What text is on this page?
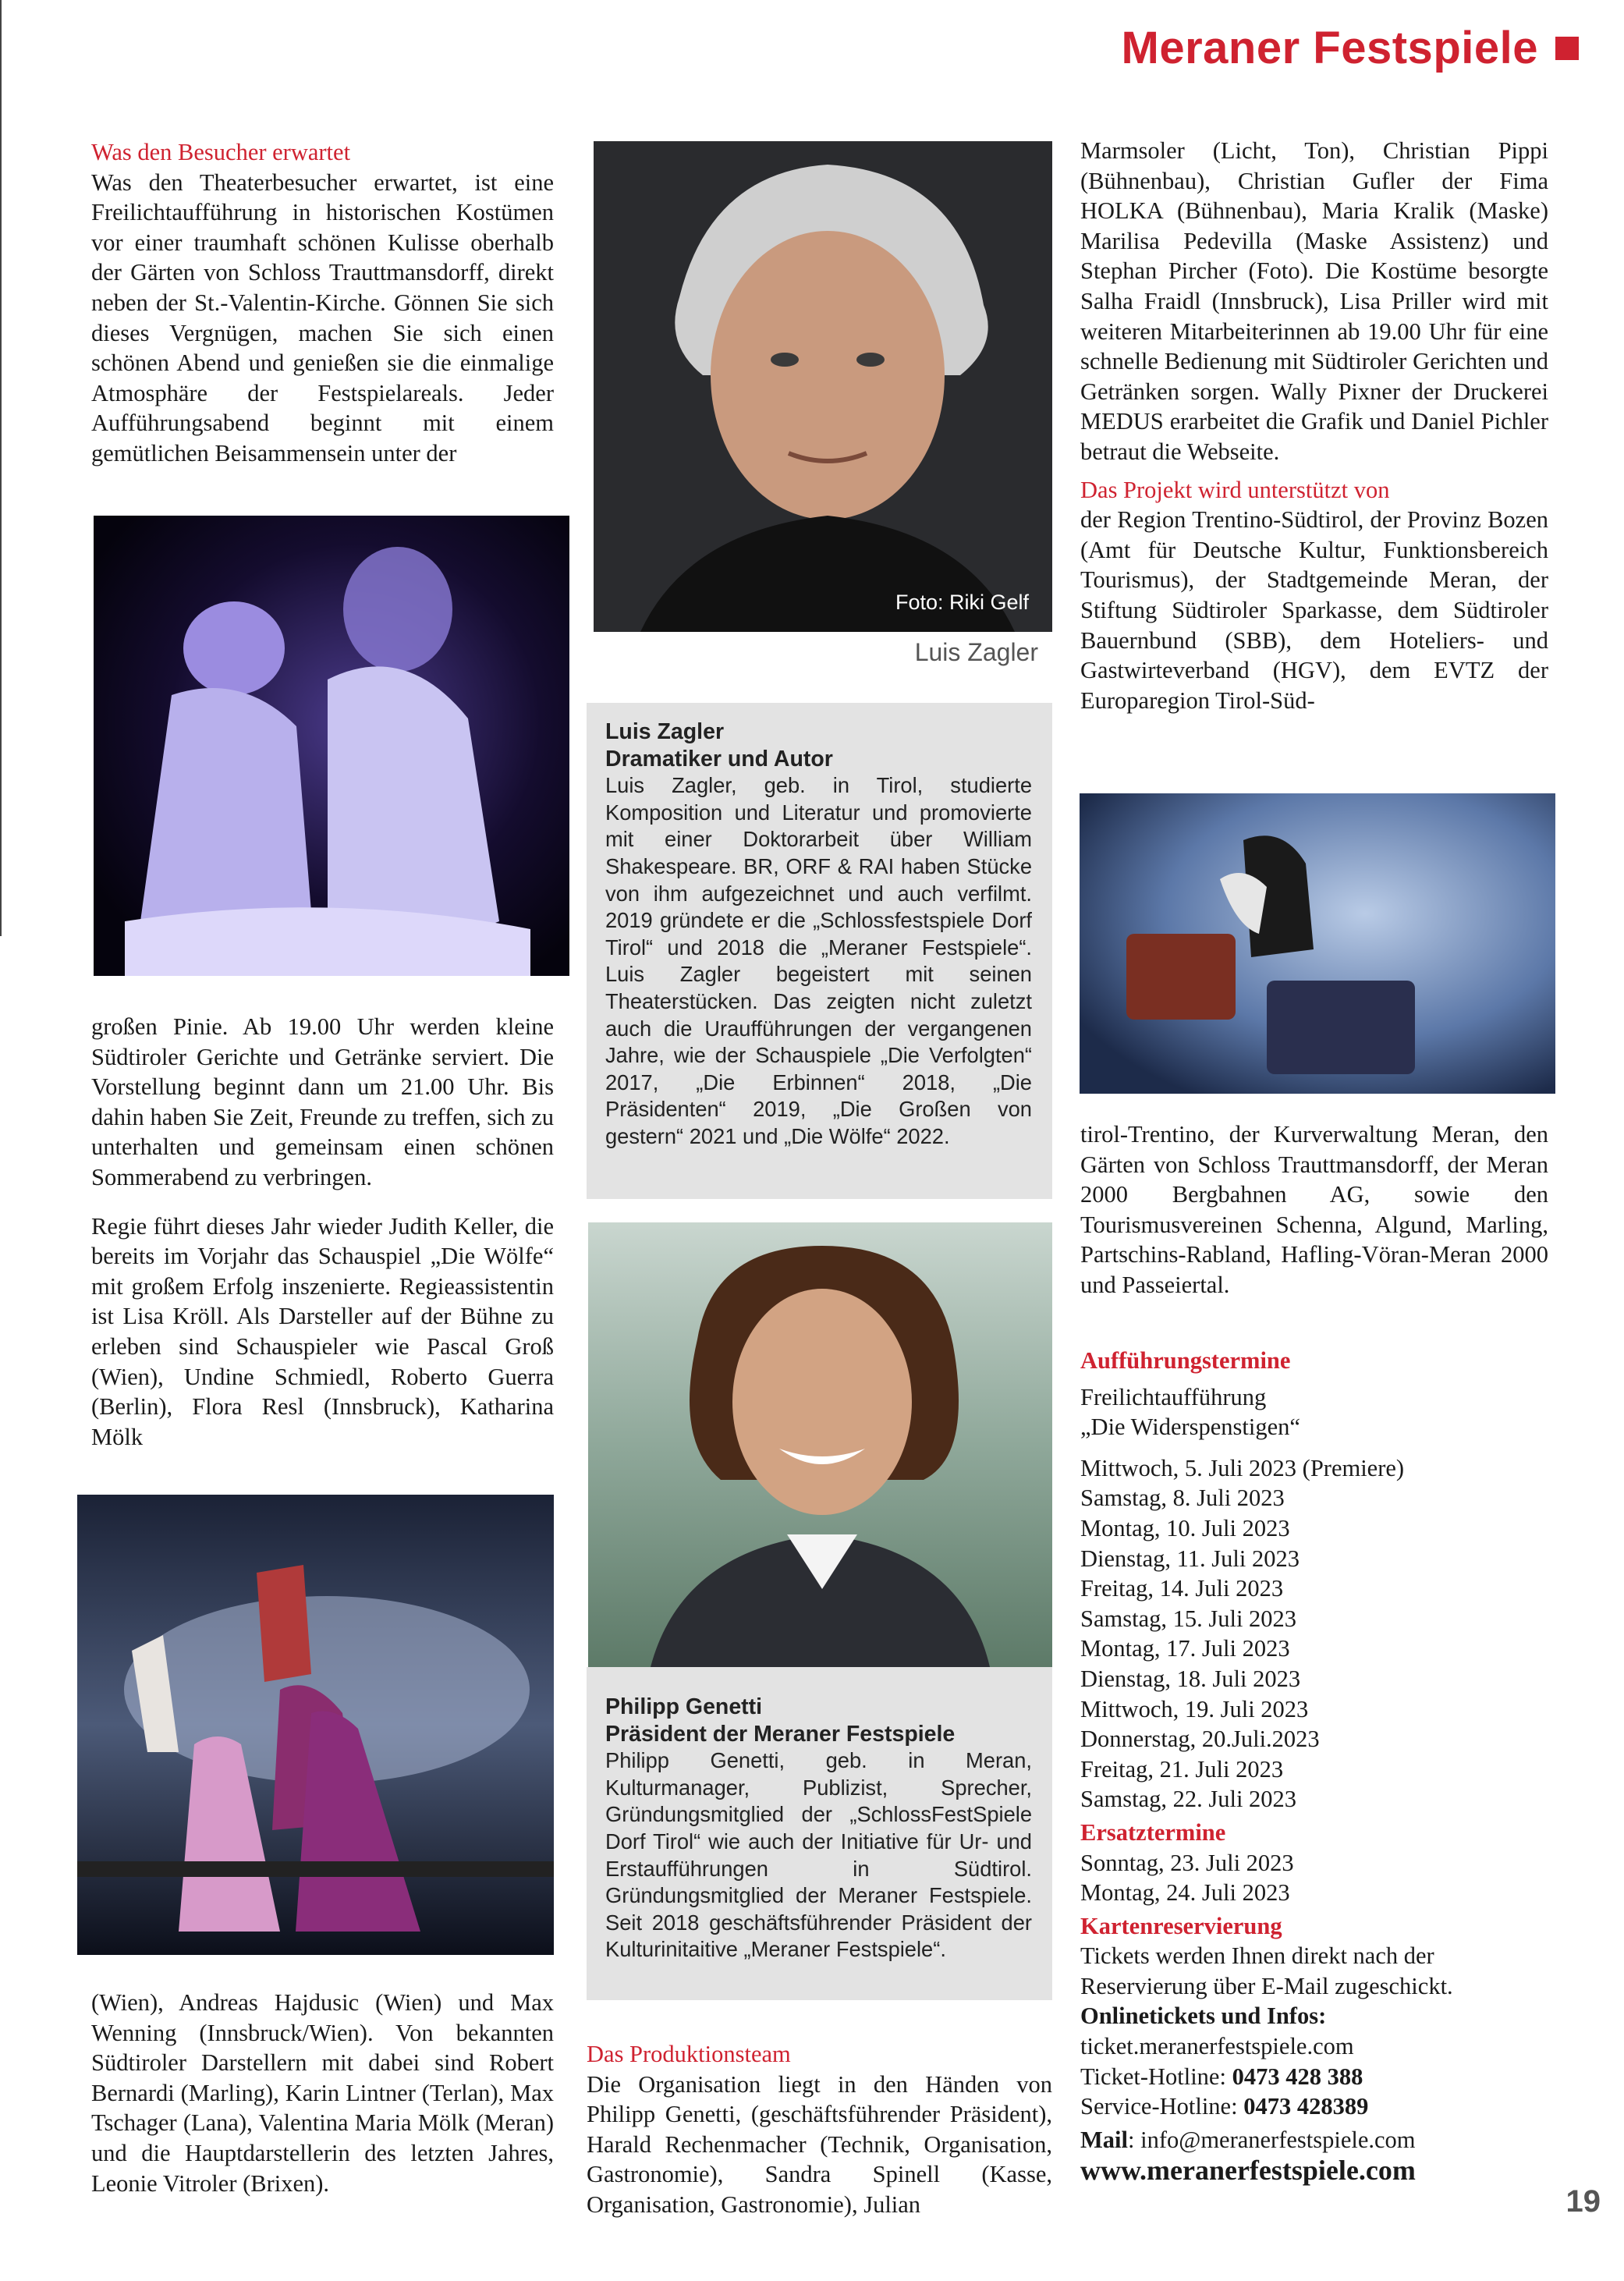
Meraner Festspiele

Was den Besucher erwartet

Was den Theaterbesucher erwartet, ist eine Freilichtaufführung in historischen Kostümen vor einer traumhaft schönen Kulisse oberhalb der Gärten von Schloss Trauttmansdorff, direkt neben der St.-Valentin-Kirche. Gönnen Sie sich dieses Vergnügen, machen Sie sich einen schönen Abend und genießen sie die einmalige Atmosphäre der Festspielareals. Jeder Aufführungsabend beginnt mit einem gemütlichen Beisammensein unter der

großen Pinie. Ab 19.00 Uhr werden kleine Südtiroler Gerichte und Getränke serviert. Die Vorstellung beginnt dann um 21.00 Uhr. Bis dahin haben Sie Zeit, Freunde zu treffen, sich zu unterhalten und gemeinsam einen schönen Sommerabend zu verbringen.

Regie führt dieses Jahr wieder Judith Keller, die bereits im Vorjahr das Schauspiel „Die Wölfe“ mit großem Erfolg inszenierte. Regieassistentin ist Lisa Kröll. Als Darsteller auf der Bühne zu erleben sind Schauspieler wie Pascal Groß (Wien), Undine Schmiedl, Roberto Guerra (Berlin), Flora Resl (Innsbruck), Katharina Mölk

(Wien), Andreas Hajdusic (Wien) und Max Wenning (Innsbruck/Wien). Von bekannten Südtiroler Darstellern mit dabei sind Robert Bernardi (Marling), Karin Lintner (Terlan), Max Tschager (Lana), Valentina Maria Mölk (Meran) und die Hauptdarstellerin des letzten Jahres, Leonie Vitroler (Brixen).

Foto: Riki Gelf
Luis Zagler
Luis Zagler
Dramatiker und Autor
Luis Zagler, geb. in Tirol, studierte Komposition und Literatur und promovierte mit einer Doktorarbeit über William Shakespeare. BR, ORF & RAI haben Stücke von ihm aufgezeichnet und auch verfilmt. 2019 gründete er die „Schlossfestspiele Dorf Tirol“ und 2018 die „Meraner Festspiele“. Luis Zagler begeistert mit seinen Theaterstücken. Das zeigten nicht zuletzt auch die Uraufführungen der vergangenen Jahre, wie der Schauspiele „Die Verfolgten“ 2017, „Die Erbinnen“ 2018, „Die Präsidenten“ 2019, „Die Großen von gestern“ 2021 und „Die Wölfe“ 2022.
Philipp Genetti
Präsident der Meraner Festspiele
Philipp Genetti, geb. in Meran, Kulturmanager, Publizist, Sprecher, Gründungsmitglied der „SchlossFestSpiele Dorf Tirol“ wie auch der Initiative für Ur- und Erstaufführungen in Südtirol. Gründungsmitglied der Meraner Festspiele. Seit 2018 geschäftsführender Präsident der Kulturinitaitive „Meraner Festspiele“.

Das Produktionsteam

Die Organisation liegt in den Händen von Philipp Genetti, (geschäftsführender Präsident), Harald Rechenmacher (Technik, Organisation, Gastronomie), Sandra Spinell (Kasse, Organisation, Gastronomie), Julian

Marmsoler (Licht, Ton), Christian Pippi (Bühnenbau), Christian Gufler der Fima HOLKA (Bühnenbau), Maria Kralik (Maske) Marilisa Pedevilla (Maske Assistenz) und Stephan Pircher (Foto). Die Kostüme besorgte Salha Fraidl (Innsbruck), Lisa Priller wird mit weiteren Mitarbeiterinnen ab 19.00 Uhr für eine schnelle Bedienung mit Südtiroler Gerichten und Getränken sorgen. Wally Pixner der Druckerei MEDUS erarbeitet die Grafik und Daniel Pichler betraut die Webseite.

Das Projekt wird unterstützt von

der Region Trentino-Südtirol, der Provinz Bozen (Amt für Deutsche Kultur, Funktionsbereich Tourismus), der Stadtgemeinde Meran, der Stiftung Südtiroler Sparkasse, dem Südtiroler Bauernbund (SBB), dem Hoteliers- und Gastwirteverband (HGV), dem EVTZ der Europaregion Tirol-Süd-

tirol-Trentino, der Kurverwaltung Meran, den Gärten von Schloss Trauttmansdorff, der Meran 2000 Bergbahnen AG, sowie den Tourismusvereinen Schenna, Algund, Marling, Partschins-Rabland, Hafling-Vöran-Meran 2000 und Passeiertal.

Aufführungstermine

Freilichtaufführung

„Die Widerspenstigen“

Mittwoch, 5. Juli 2023 (Premiere)

Samstag, 8. Juli 2023

Montag, 10. Juli 2023

Dienstag, 11. Juli 2023

Freitag, 14. Juli 2023

Samstag, 15. Juli 2023

Montag, 17. Juli 2023

Dienstag, 18. Juli 2023

Mittwoch, 19. Juli 2023

Donnerstag, 20.Juli.2023

Freitag, 21. Juli 2023

Samstag, 22. Juli 2023

Ersatztermine

Sonntag, 23. Juli 2023

Montag, 24. Juli 2023

Kartenreservierung

Tickets werden Ihnen direkt nach der Reservierung über E-Mail zugeschickt.

Onlinetickets und Infos:

ticket.meranerfestspiele.com

Ticket-Hotline: 0473 428 388

Service-Hotline: 0473 428389

Mail: info@meranerfestspiele.com

www.meranerfestspiele.com

19
